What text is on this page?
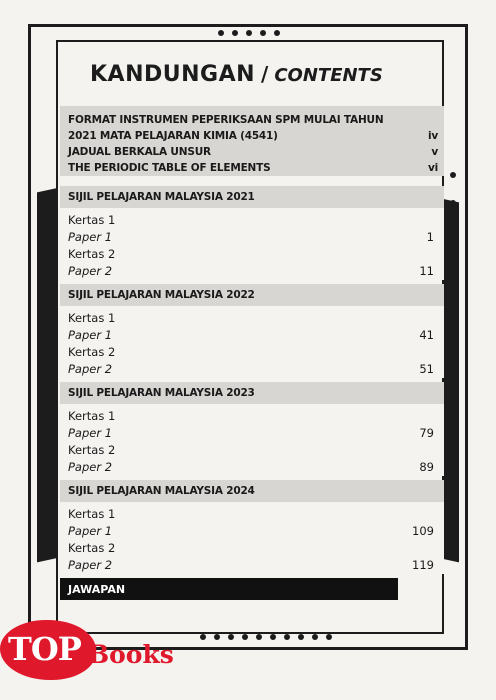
KANDUNGAN / CONTENTS
FORMAT INSTRUMEN PEPERIKSAAN SPM MULAI TAHUN
2021 MATA PELAJARAN KIMIA (4541)	iv
JADUAL BERKALA UNSUR	v
THE PERIODIC TABLE OF ELEMENTS	vi
SIJIL PELAJARAN MALAYSIA 2021
Kertas 1
Paper 1	1
Kertas 2
Paper 2	11
SIJIL PELAJARAN MALAYSIA 2022
Kertas 1
Paper 1	41
Kertas 2
Paper 2	51
SIJIL PELAJARAN MALAYSIA 2023
Kertas 1
Paper 1	79
Kertas 2
Paper 2	89
SIJIL PELAJARAN MALAYSIA 2024
Kertas 1
Paper 1	109
Kertas 2
Paper 2	119
JAWAPAN
TOP Books
